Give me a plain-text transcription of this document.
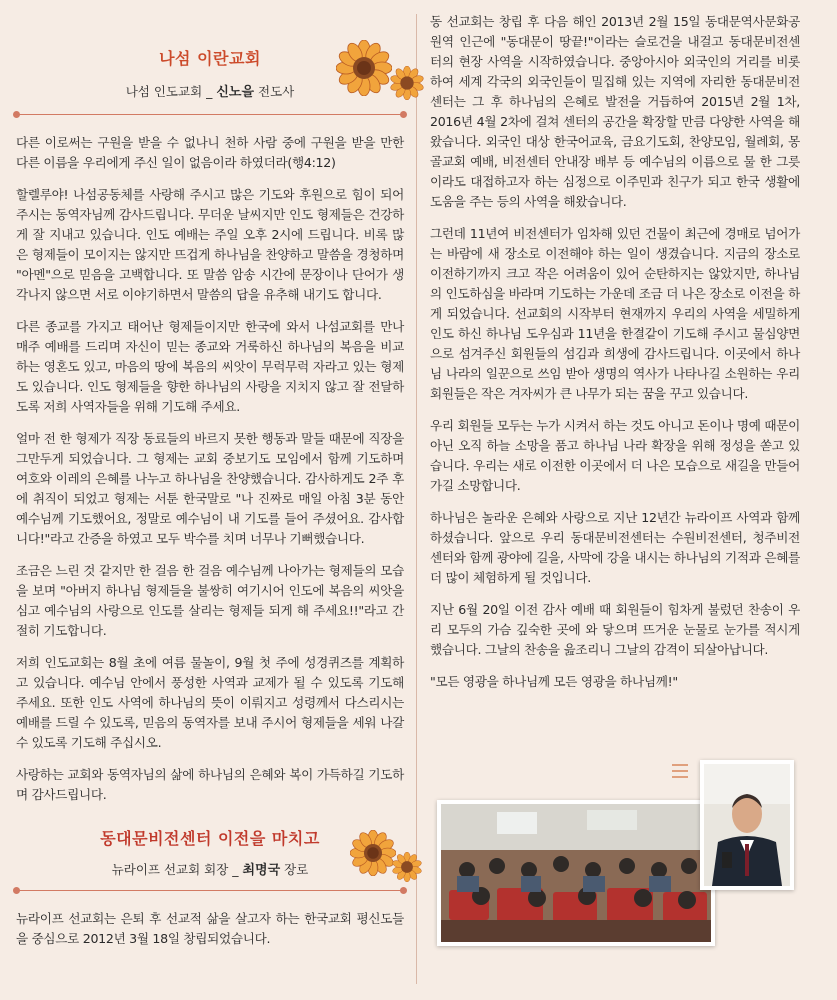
나섬 이란교회
나섬 인도교회 _ 신노을 전도사

다른 이로써는 구원을 받을 수 없나니 천하 사람 중에 구원을 받을 만한 다른 이름을 우리에게 주신 일이 없음이라 하였더라(행4:12)

할렐루야! 나섬공동체를 사랑해 주시고 많은 기도와 후원으로 힘이 되어 주시는 동역자님께 감사드립니다. 무더운 날씨지만 인도 형제들은 건강하게 잘 지내고 있습니다. 인도 예배는 주일 오후 2시에 드립니다. 비록 많은 형제들이 모이지는 않지만 뜨겁게 하나님을 찬양하고 말씀을 경청하며 "아멘"으로 믿음을 고백합니다. 또 말씀 암송 시간에 문장이나 단어가 생각나지 않으면 서로 이야기하면서 말씀의 답을 유추해 내기도 합니다.

다른 종교를 가지고 태어난 형제들이지만 한국에 와서 나섬교회를 만나 매주 예배를 드리며 자신이 믿는 종교와 거룩하신 하나님의 복음을 비교하는 영혼도 있고, 마음의 땅에 복음의 씨앗이 무럭무럭 자라고 있는 형제도 있습니다. 인도 형제들을 향한 하나님의 사랑을 지치지 않고 잘 전달하도록 저희 사역자들을 위해 기도해 주세요.

얼마 전 한 형제가 직장 동료들의 바르지 못한 행동과 말들 때문에 직장을 그만두게 되었습니다. 그 형제는 교회 중보기도 모임에서 함께 기도하며 여호와 이레의 은혜를 나누고 하나님을 찬양했습니다. 감사하게도 2주 후에 취직이 되었고 형제는 서툰 한국말로 "나 진짜로 매일 아침 3분 동안 예수님께 기도했어요, 정말로 예수님이 내 기도를 들어 주셨어요. 감사합니다!"라고 간증을 하였고 모두 박수를 치며 너무나 기뻐했습니다.

조금은 느린 것 같지만 한 걸음 한 걸음 예수님께 나아가는 형제들의 모습을 보며 "아버지 하나님 형제들을 불쌍히 여기시어 인도에 복음의 씨앗을 심고 예수님의 사랑으로 인도를 살리는 형제들 되게 해 주세요!!"라고 간절히 기도합니다.

저희 인도교회는 8월 초에 여름 물놀이, 9월 첫 주에 성경퀴즈를 계획하고 있습니다. 예수님 안에서 풍성한 사역과 교제가 될 수 있도록 기도해 주세요. 또한 인도 사역에 하나님의 뜻이 이뤄지고 성령께서 다스리시는 예배를 드릴 수 있도록, 믿음의 동역자를 보내 주시어 형제들을 세워 나갈 수 있도록 기도해 주십시오.

사랑하는 교회와 동역자님의 삶에 하나님의 은혜와 복이 가득하길 기도하며 감사드립니다.

동대문비전센터 이전을 마치고
뉴라이프 선교회 회장 _ 최명국 장로

뉴라이프 선교회는 은퇴 후 선교적 삶을 살고자 하는 한국교회 평신도들을 중심으로 2012년 3월 18일 창립되었습니다.

동 선교회는 창립 후 다음 해인 2013년 2월 15일 동대문역사문화공원역 인근에 "동대문이 땅끝!"이라는 슬로건을 내걸고 동대문비전센터의 현장 사역을 시작하였습니다. 중앙아시아 외국인의 거리를 비롯하여 세계 각국의 외국인들이 밀집해 있는 지역에 자리한 동대문비전센터는 그 후 하나님의 은혜로 발전을 거듭하여 2015년 2월 1차, 2016년 4월 2차에 걸쳐 센터의 공간을 확장할 만큼 다양한 사역을 해왔습니다. 외국인 대상 한국어교육, 금요기도회, 찬양모임, 월례회, 몽골교회 예배, 비전센터 안내장 배부 등 예수님의 이름으로 물 한 그릇이라도 대접하고자 하는 심정으로 이주민과 친구가 되고 한국 생활에 도움을 주는 등의 사역을 해왔습니다.

그런데 11년여 비전센터가 임차해 있던 건물이 최근에 경매로 넘어가는 바람에 새 장소로 이전해야 하는 일이 생겼습니다. 지금의 장소로 이전하기까지 크고 작은 어려움이 있어 순탄하지는 않았지만, 하나님의 인도하심을 바라며 기도하는 가운데 조금 더 나은 장소로 이전을 하게 되었습니다. 선교회의 시작부터 현재까지 우리의 사역을 세밀하게 인도 하신 하나님 도우심과 11년을 한결같이 기도해 주시고 물심양면으로 섬겨주신 회원들의 섬김과 희생에 감사드립니다. 이곳에서 하나님 나라의 일꾼으로 쓰임 받아 생명의 역사가 나타나길 소원하는 우리 회원들은 작은 겨자씨가 큰 나무가 되는 꿈을 꾸고 있습니다.

우리 회원들 모두는 누가 시켜서 하는 것도 아니고 돈이나 명예 때문이 아닌 오직 하늘 소망을 품고 하나님 나라 확장을 위해 정성을 쏟고 있습니다. 우리는 새로 이전한 이곳에서 더 나은 모습으로 새길을 만들어 가길 소망합니다.

하나님은 놀라운 은혜와 사랑으로 지난 12년간 뉴라이프 사역과 함께 하셨습니다. 앞으로 우리 동대문비전센터는 수원비전센터, 청주비전센터와 함께 광야에 길을, 사막에 강을 내시는 하나님의 기적과 은혜를 더 많이 체험하게 될 것입니다.

지난 6월 20일 이전 감사 예배 때 회원들이 힘차게 불렀던 찬송이 우리 모두의 가슴 깊숙한 곳에 와 닿으며 뜨거운 눈물로 눈가를 적시게 했습니다. 그날의 찬송을 읊조리니 그날의 감격이 되살아납니다.

"모든 영광을 하나님께 모든 영광을 하나님께!"
